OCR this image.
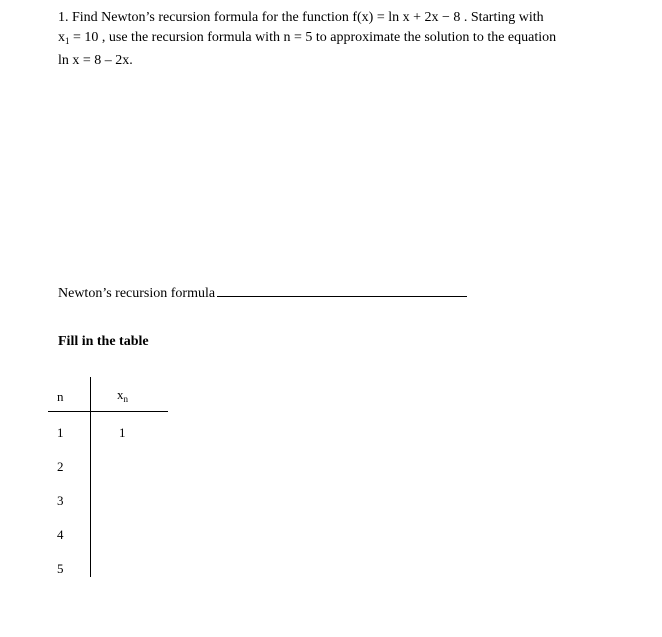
1. Find Newton’s recursion formula for the function f(x) = ln x + 2x − 8 . Starting with
$x_1 = 10$ , use the recursion formula with n = 5 to approximate the solution to the equation
ln x = 8 – 2x.
Newton’s recursion formula
Fill in the table
n	$x_n$
1	1
2
3
4
5
